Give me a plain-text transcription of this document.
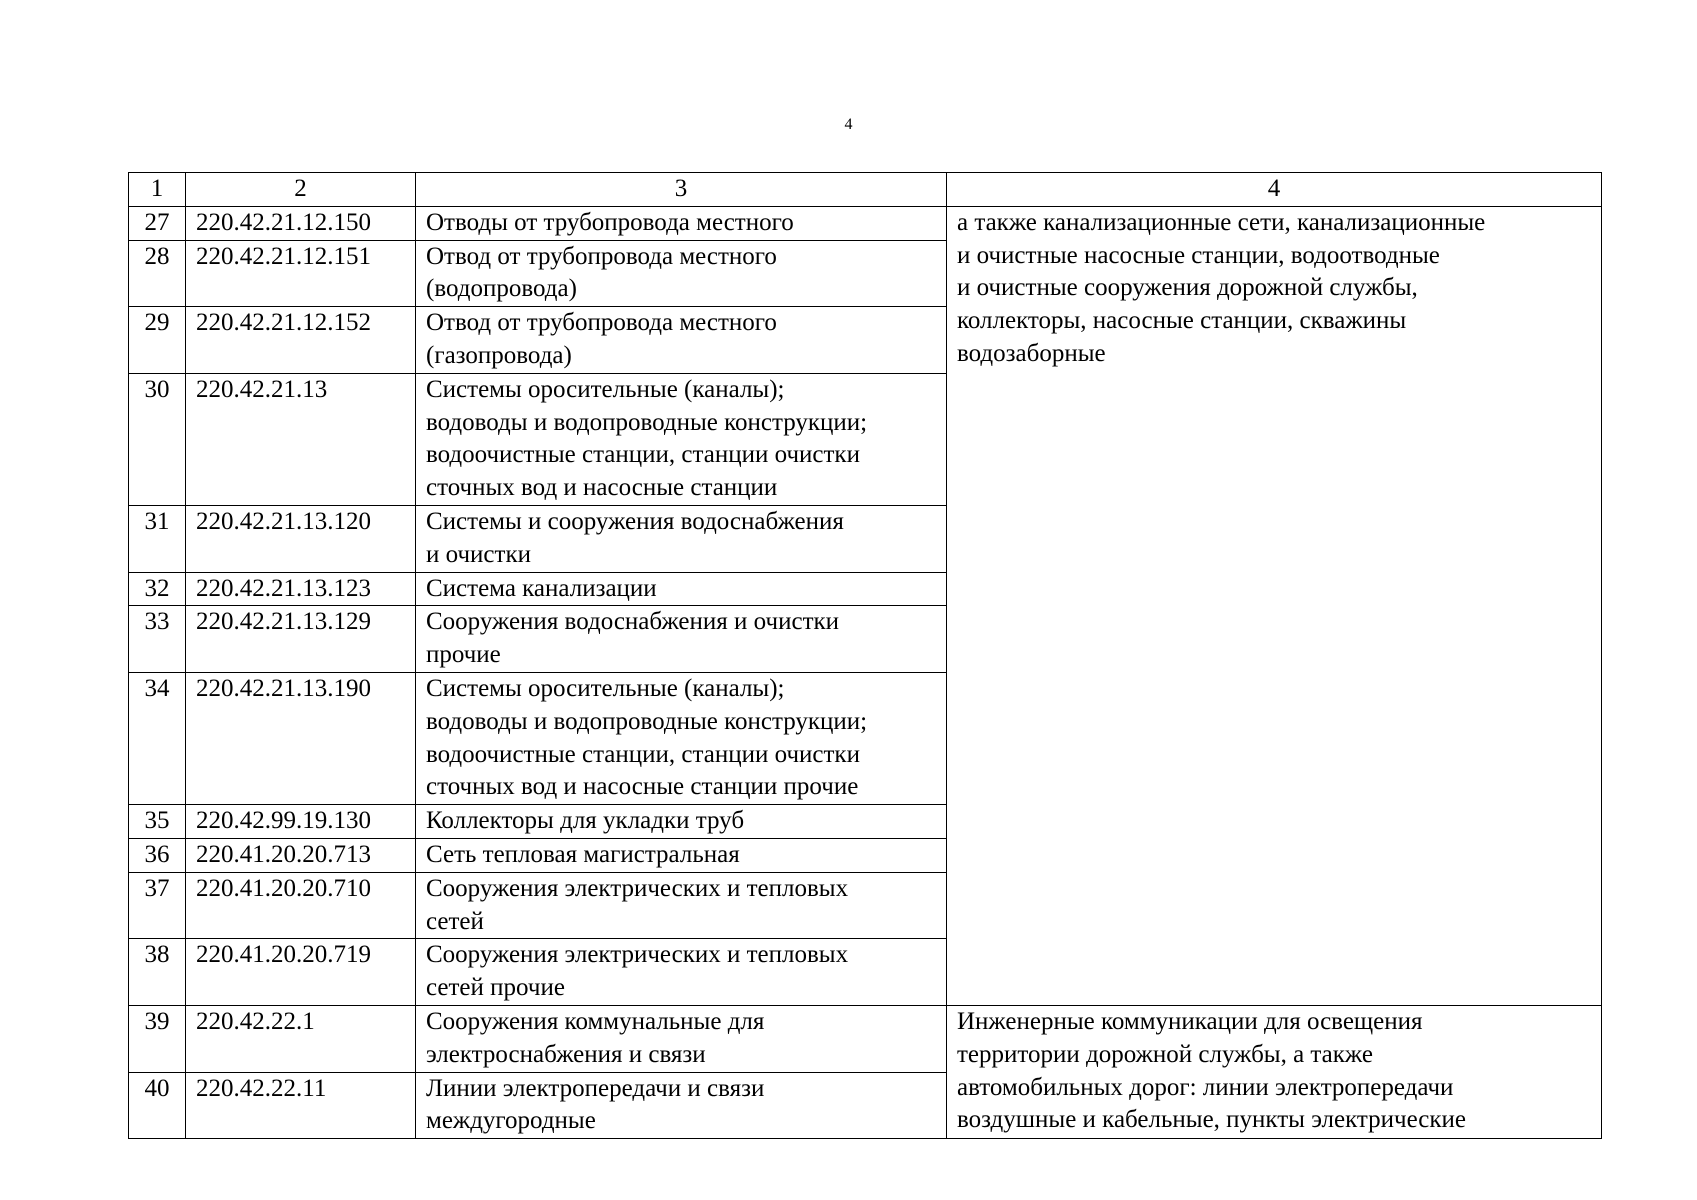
4
1	2	3	4
27	220.42.21.12.150	Отводы от трубопровода местного	а также канализационные сети, канализационные
и очистные насосные станции, водоотводные
и очистные сооружения дорожной службы,
коллекторы, насосные станции, скважины
водозаборные
28	220.42.21.12.151	Отвод от трубопровода местного
(водопровода)	
29	220.42.21.12.152	Отвод от трубопровода местного
(газопровода)	
30	220.42.21.13	Системы оросительные (каналы);
водоводы и водопроводные конструкции;
водоочистные станции, станции очистки
сточных вод и насосные станции	
31	220.42.21.13.120	Системы и сооружения водоснабжения
и очистки	
32	220.42.21.13.123	Система канализации	
33	220.42.21.13.129	Сооружения водоснабжения и очистки
прочие	
34	220.42.21.13.190	Системы оросительные (каналы);
водоводы и водопроводные конструкции;
водоочистные станции, станции очистки
сточных вод и насосные станции прочие	
35	220.42.99.19.130	Коллекторы для укладки труб	
36	220.41.20.20.713	Сеть тепловая магистральная	
37	220.41.20.20.710	Сооружения электрических и тепловых
сетей	
38	220.41.20.20.719	Сооружения электрических и тепловых
сетей прочие	
39	220.42.22.1	Сооружения коммунальные для
электроснабжения и связи	Инженерные коммуникации для освещения
территории дорожной службы, а также
автомобильных дорог: линии электропередачи
воздушные и кабельные, пункты электрические
40	220.42.22.11	Линии электропередачи и связи
междугородные	
